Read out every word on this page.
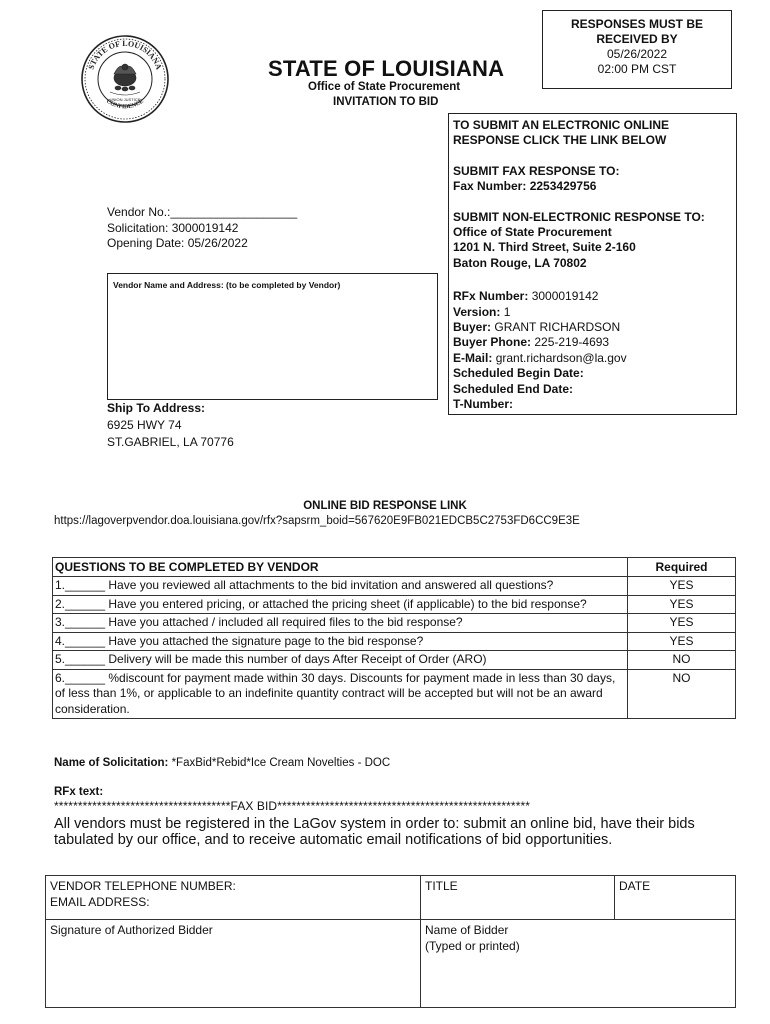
STATE OF LOUISIANA
CONFIDENCE
UNION JUSTICE
STATE OF LOUISIANA
Office of State Procurement
INVITATION TO BID
RESPONSES MUST BE
RECEIVED BY
05/26/2022
02:00 PM CST
TO SUBMIT AN ELECTRONIC ONLINE
RESPONSE CLICK THE LINK BELOW
SUBMIT FAX RESPONSE TO:
Fax Number: 2253429756
SUBMIT NON-ELECTRONIC RESPONSE TO:
Office of State Procurement
1201 N. Third Street, Suite 2-160
Baton Rouge, LA 70802
RFx Number: 3000019142
Version: 1
Buyer: GRANT RICHARDSON
Buyer Phone: 225-219-4693
E-Mail: grant.richardson@la.gov
Scheduled Begin Date:
Scheduled End Date:
T-Number:
Vendor No.:___________________
Solicitation: 3000019142
Opening Date: 05/26/2022
Vendor Name and Address: (to be completed by Vendor)
Ship To Address:
6925 HWY 74
ST.GABRIEL, LA 70776
ONLINE BID RESPONSE LINK
https://lagoverpvendor.doa.louisiana.gov/rfx?sapsrm_boid=567620E9FB021EDCB5C2753FD6CC9E3E
QUESTIONS TO BE COMPLETED BY VENDOR	Required
1.______ Have you reviewed all attachments to the bid invitation and answered all questions?	YES
2.______ Have you entered pricing, or attached the pricing sheet (if applicable) to the bid response?	YES
3.______ Have you attached / included all required files to the bid response?	YES
4.______ Have you attached the signature page to the bid response?	YES
5.______ Delivery will be made this number of days After Receipt of Order (ARO)	NO
6.______ %discount for payment made within 30 days. Discounts for payment made in less than 30 days, of less than 1%, or applicable to an indefinite quantity contract will be accepted but will not be an award consideration.	NO
Name of Solicitation: *FaxBid*Rebid*Ice Cream Novelties - DOC
RFx text:
*************************************FAX BID*****************************************************
All vendors must be registered in the LaGov system in order to: submit an online bid, have their bids tabulated by our office, and to receive automatic email notifications of bid opportunities.
VENDOR TELEPHONE NUMBER:
EMAIL ADDRESS:	TITLE	DATE

Signature of Authorized Bidder	Name of Bidder
(Typed or printed)	
